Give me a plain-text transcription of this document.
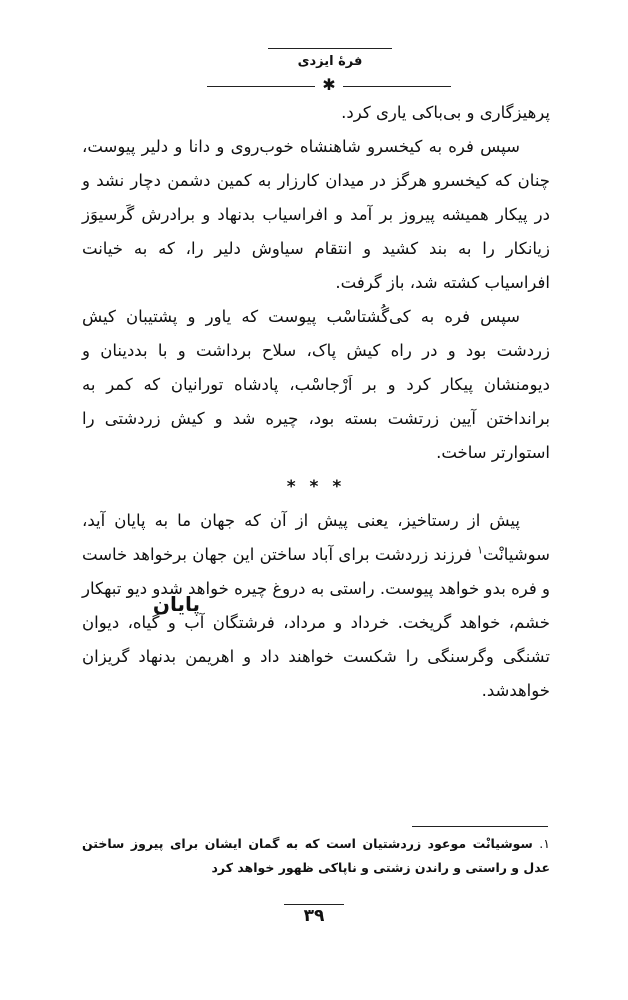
فرهٔ ایزدی
✱

پرهیزگاری و بی‌باکی یاری کرد.

سپس فره به کیخسرو شاهنشاه خوب‌روی و دانا و دلیر پیوست، چنان که کیخسرو هرگز در میدان کارزار به کمین دشمن دچار نشد و در پیکار همیشه پیروز بر آمد و افراسیاب بدنهاد و برادرش گَرسیوَز زیانکار را به بند کشید و انتقام سیاوش دلیر را، که به خیانت افراسیاب کشته شد، باز گرفت.

سپس فره به کی‌گُشتاسْب پیوست که یاور و پشتیبان کیش زردشت بود و در راه کیش پاک، سلاح برداشت و با بددینان و دیومنشان پیکار کرد و بر اَرْجاسْب، پادشاه تورانیان که کمر به برانداختن آیین زرتشت بسته بود، چیره شد و کیش زردشتی را استوارتر ساخت.

* * *

پیش از رستاخیز، یعنی پیش از آن که جهان ما به پایان آید، سوشیانْت$^۱$ فرزند زردشت برای آباد ساختن این جهان برخواهد خاست و فره بدو خواهد پیوست. راستی به دروغ چیره خواهد شدو دیو تبهکار خشم، خواهد گریخت. خرداد و مرداد، فرشتگان آب و گیاه، دیوان تشنگی وگرسنگی را شکست خواهند داد و اهریمن بدنهاد گریزان خواهدشد.

پایان
۱. سوشیانْت موعود زردشتیان است که به گمان ایشان برای پیروز ساختن عدل و راستی و راندن زشتی و ناپاکی ظهور خواهد کرد
۳۹
